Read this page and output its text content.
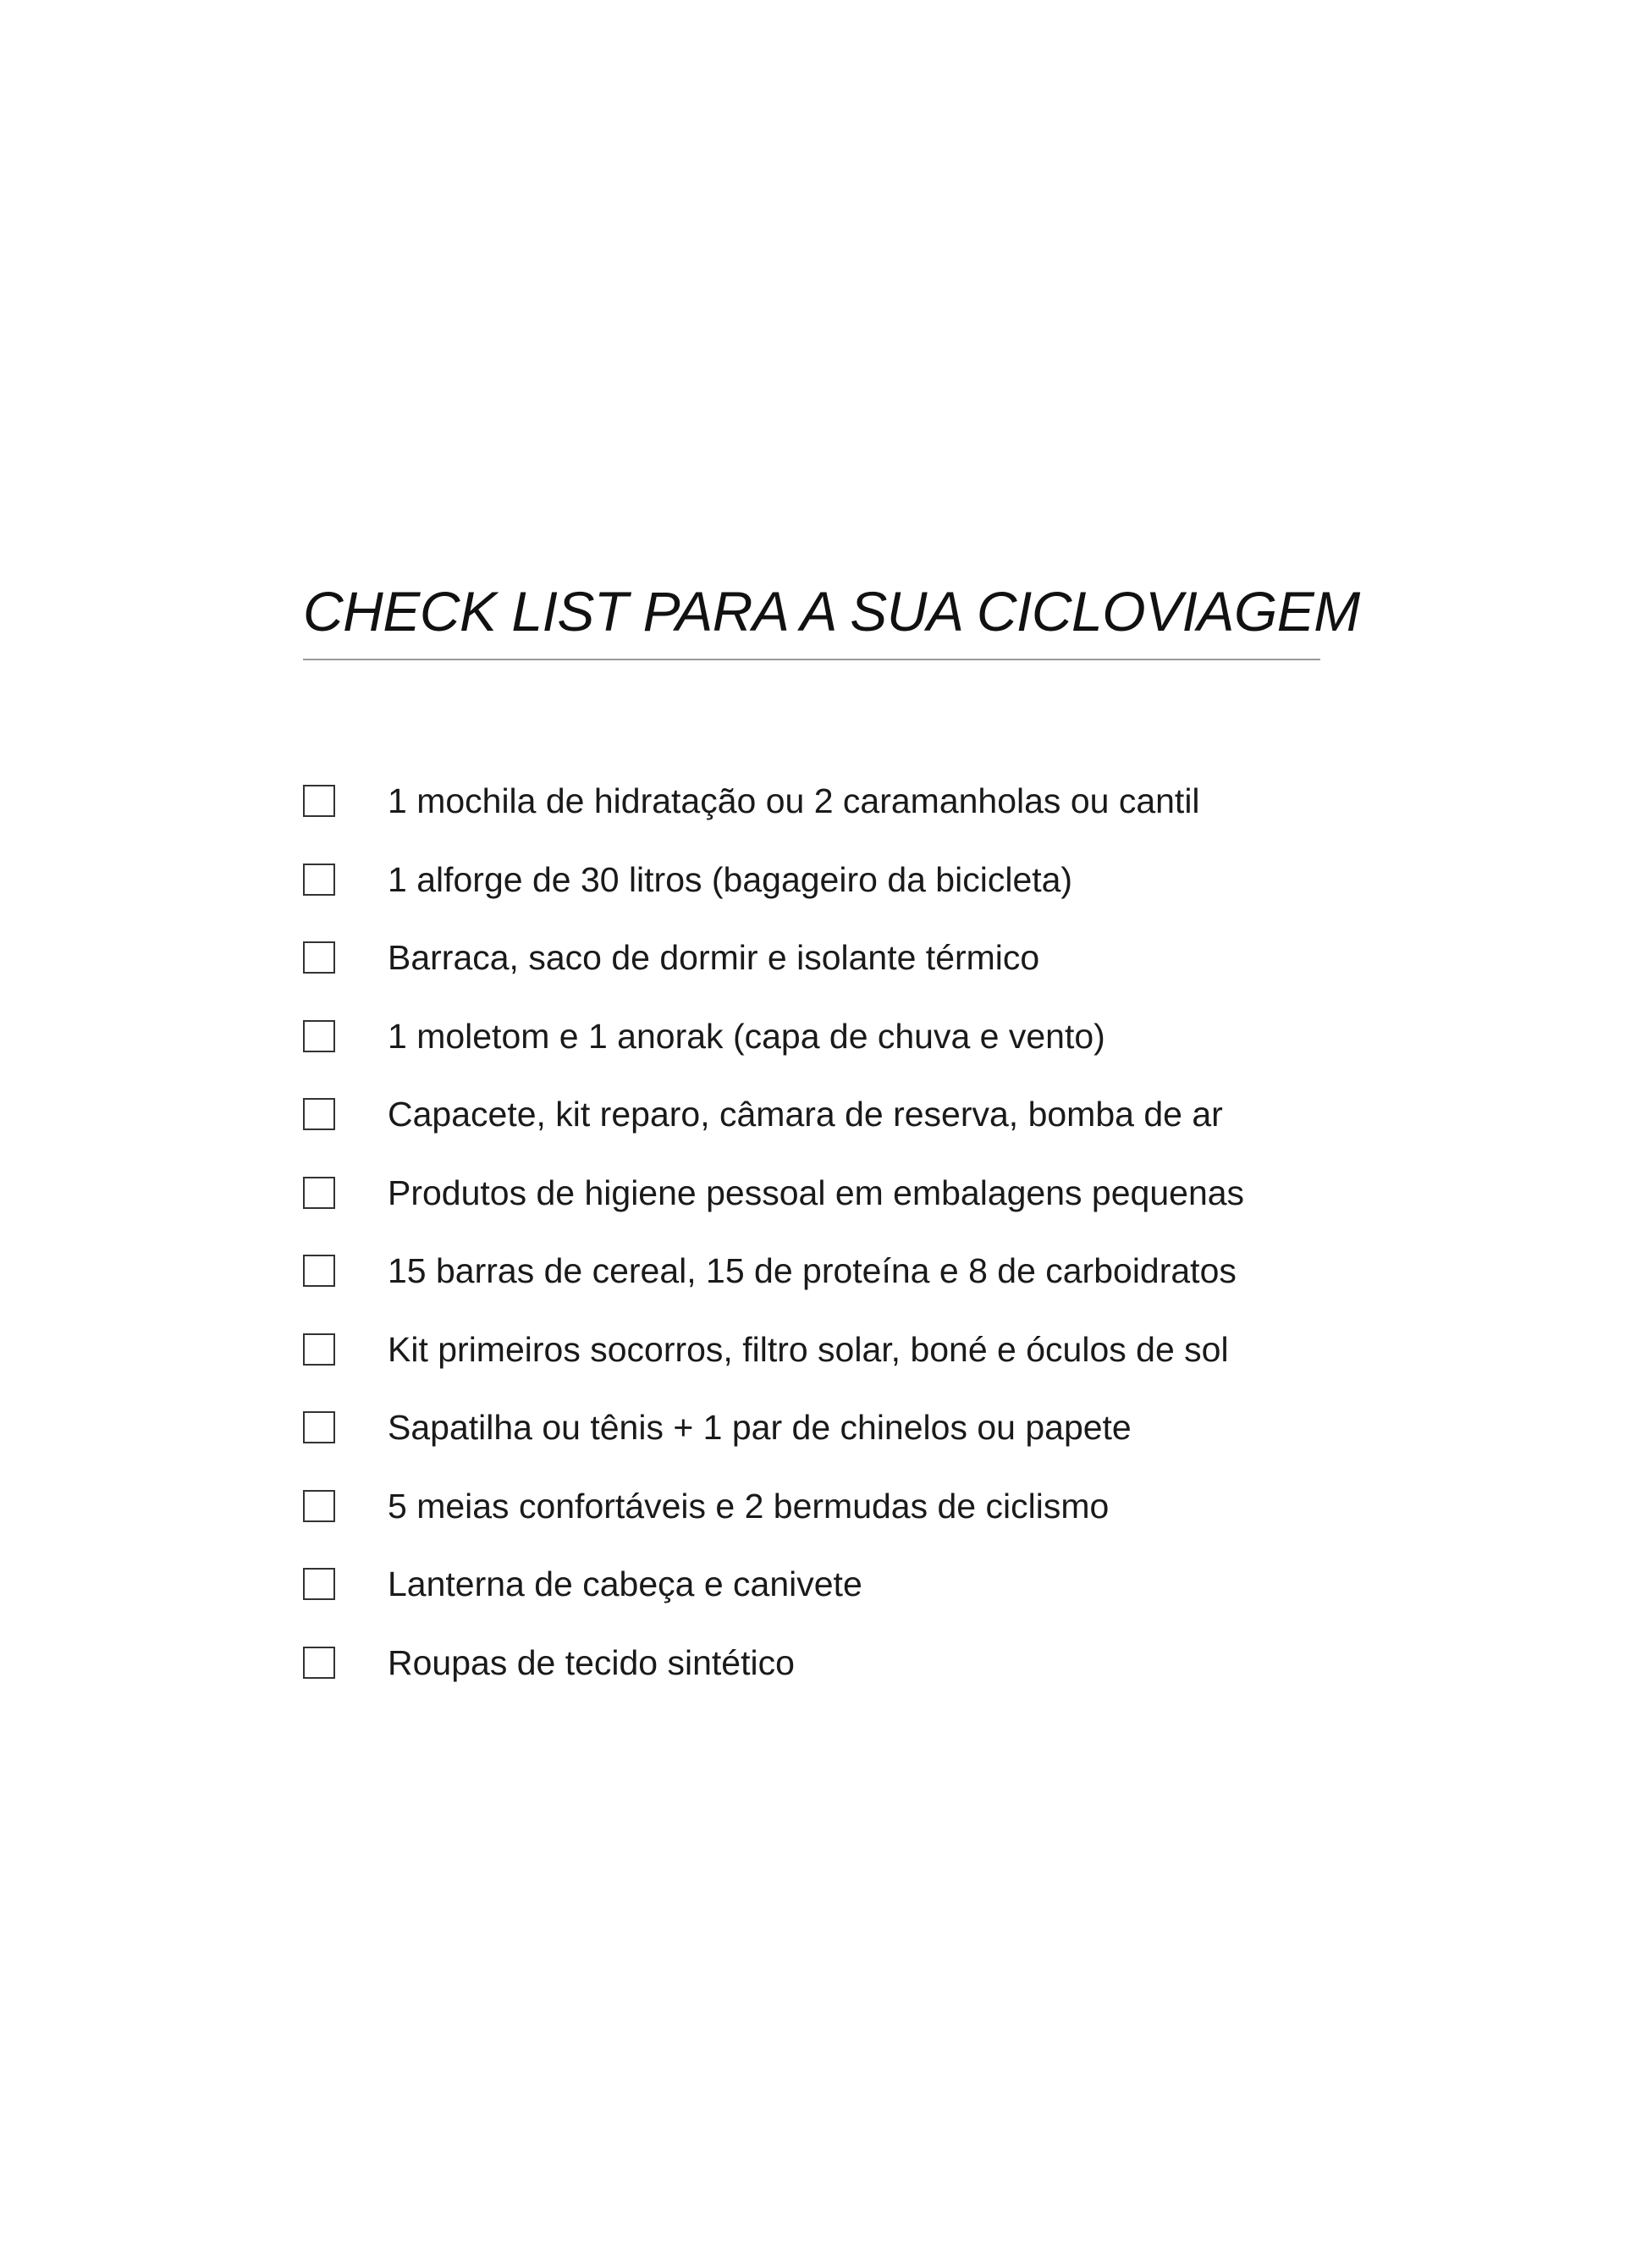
CHECK LIST PARA A SUA CICLOVIAGEM
1 mochila de hidratação ou 2 caramanholas ou cantil
1 alforge de 30 litros (bagageiro da bicicleta)
Barraca, saco de dormir e isolante térmico
1 moletom e 1 anorak (capa de chuva e vento)
Capacete, kit reparo, câmara de reserva, bomba de ar
Produtos de higiene pessoal em embalagens pequenas
15 barras de cereal, 15 de proteína e 8 de carboidratos
Kit primeiros socorros, filtro solar, boné e óculos de sol
Sapatilha ou tênis + 1 par de chinelos ou papete
5 meias confortáveis e 2 bermudas de ciclismo
Lanterna de cabeça e canivete
Roupas de tecido sintético
